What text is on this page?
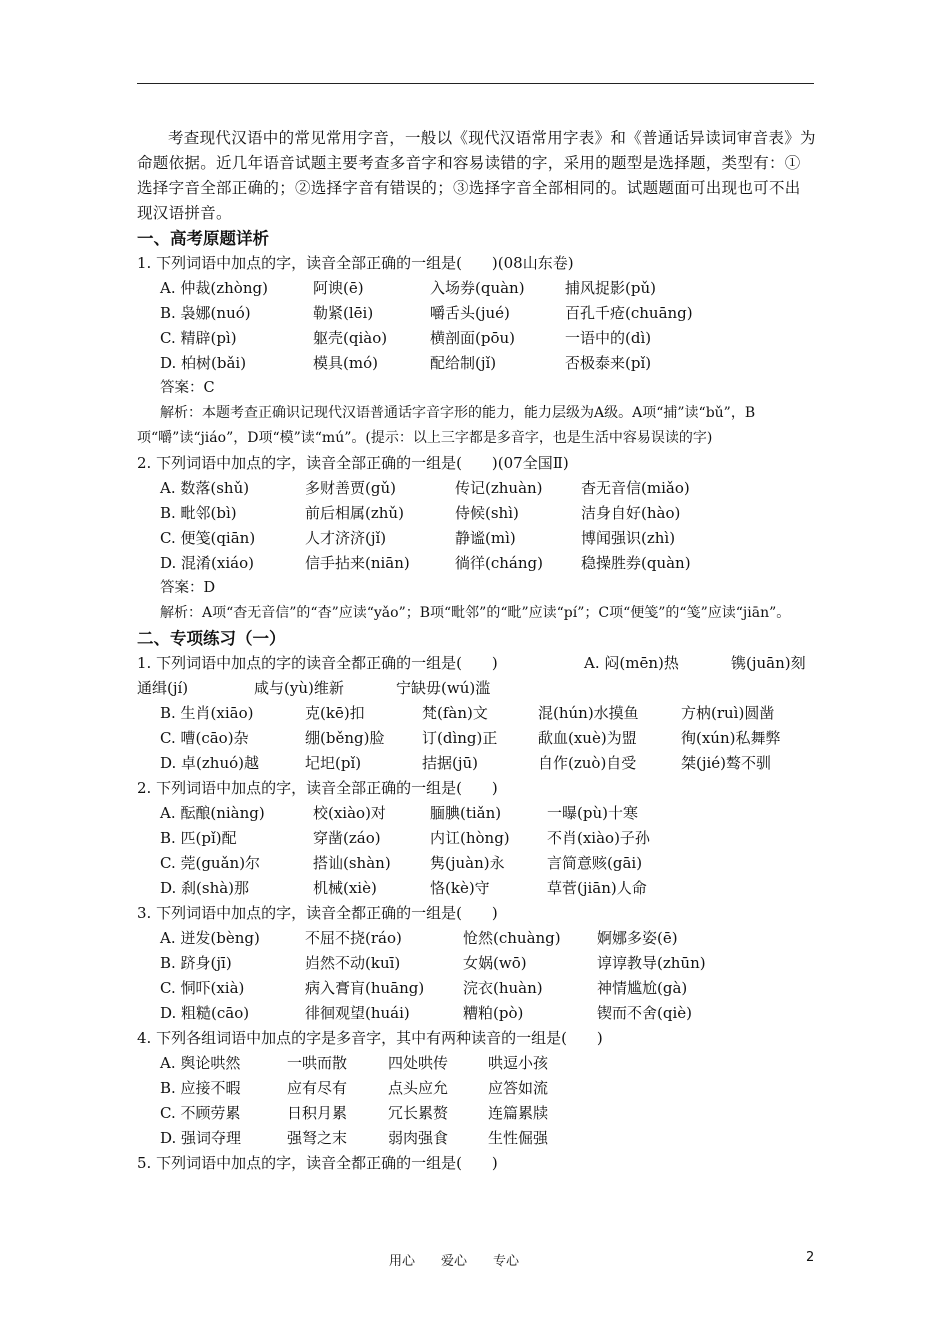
考查现代汉语中的常见常用字音，一般以《现代汉语常用字表》和《普通话异读词审音表》为命题依据。近几年语音试题主要考查多音字和容易读错的字，采用的题型是选择题，类型有：①选择字音全部正确的；②选择字音有错误的；③选择字音全部相同的。试题题面可出现也可不出现汉语拼音。

一、高考原题详析
1. 下列词语中加点的字，读音全部正确的一组是(　　)(08山东卷)
A. 仲裁(zhòng)	阿谀(ē)	入场券(quàn)	捕风捉影(pǔ)
B. 袅娜(nuó)	勒紧(lēi)	嚼舌头(jué)	百孔千疮(chuāng)
C. 精辟(pì)	躯壳(qiào)	横剖面(pōu)	一语中的(dì)
D. 柏树(bǎi)	模具(mó)	配给制(jǐ)	否极泰来(pǐ)
答案：C

解析：本题考查正确识记现代汉语普通话字音字形的能力，能力层级为A级。A项“捕”读“bǔ”，B项“嚼”读“jiáo”，D项“模”读“mú”。(提示：以上三字都是多音字，也是生活中容易误读的字)

2. 下列词语中加点的字，读音全部正确的一组是(　　)(07全国Ⅱ)
A. 数落(shǔ)	多财善贾(gǔ)	传记(zhuàn)	杳无音信(miǎo)
B. 毗邻(bì)	前后相属(zhǔ)	侍候(shì)	洁身自好(hào)
C. 便笺(qiān)	人才济济(jǐ)	静谧(mì)	博闻强识(zhì)
D. 混淆(xiáo)	信手拈来(niān)	徜徉(cháng)	稳操胜券(quàn)
答案：D

解析：A项“杳无音信”的“杳”应读“yǎo”；B项“毗邻”的“毗”应读“pí”；C项“便笺”的“笺”应读“jiān”。

二、专项练习（一）
1. 下列词语中加点的字的读音全都正确的一组是(　　)	A. 闷(mēn)热	镌(juān)刻
通缉(jí)	咸与(yù)维新	宁缺毋(wú)滥
B. 生肖(xiāo)	克(kē)扣	梵(fàn)文	混(hún)水摸鱼	方枘(ruì)圆凿
C. 嘈(cāo)杂	绷(běng)脸	订(dìng)正	歃血(xuè)为盟	徇(xún)私舞弊
D. 卓(zhuó)越	圮圯(pǐ)	拮据(jū)	自作(zuò)自受	桀(jié)骜不驯
2. 下列词语中加点的字，读音全部正确的一组是(　　)
A. 酝酿(niàng)	校(xiào)对	腼腆(tiǎn)	一曝(pù)十寒
B. 匹(pǐ)配	穿凿(záo)	内讧(hòng) 不肖(xiào)子孙
C. 莞(guǎn)尔	搭讪(shàn)	隽(juàn)永	言简意赅(gāi)
D. 刹(shà)那	机械(xiè)	恪(kè)守	草菅(jiān)人命
3. 下列词语中加点的字，读音全都正确的一组是(　　)
A. 迸发(bèng)	不屈不挠(ráo)	怆然(chuàng) 婀娜多姿(ē)
B. 跻身(jī)	岿然不动(kuī)	女娲(wō)	谆谆教导(zhūn)
C. 恫吓(xià)	病入膏肓(huāng)	浣衣(huàn)	神情尴尬(gà)
D. 粗糙(cāo)	徘徊观望(huái)	糟粕(pò)	锲而不舍(qiè)
4. 下列各组词语中加点的字是多音字，其中有两种读音的一组是(　　)
A. 舆论哄然	一哄而散	四处哄传	哄逗小孩
B. 应接不暇	应有尽有	点头应允	应答如流
C. 不顾劳累	日积月累	冗长累赘	连篇累牍
D. 强词夺理	强弩之末	弱肉强食	生性倔强
5. 下列词语中加点的字，读音全都正确的一组是(　　)
用心　　爱心　　专心	2
